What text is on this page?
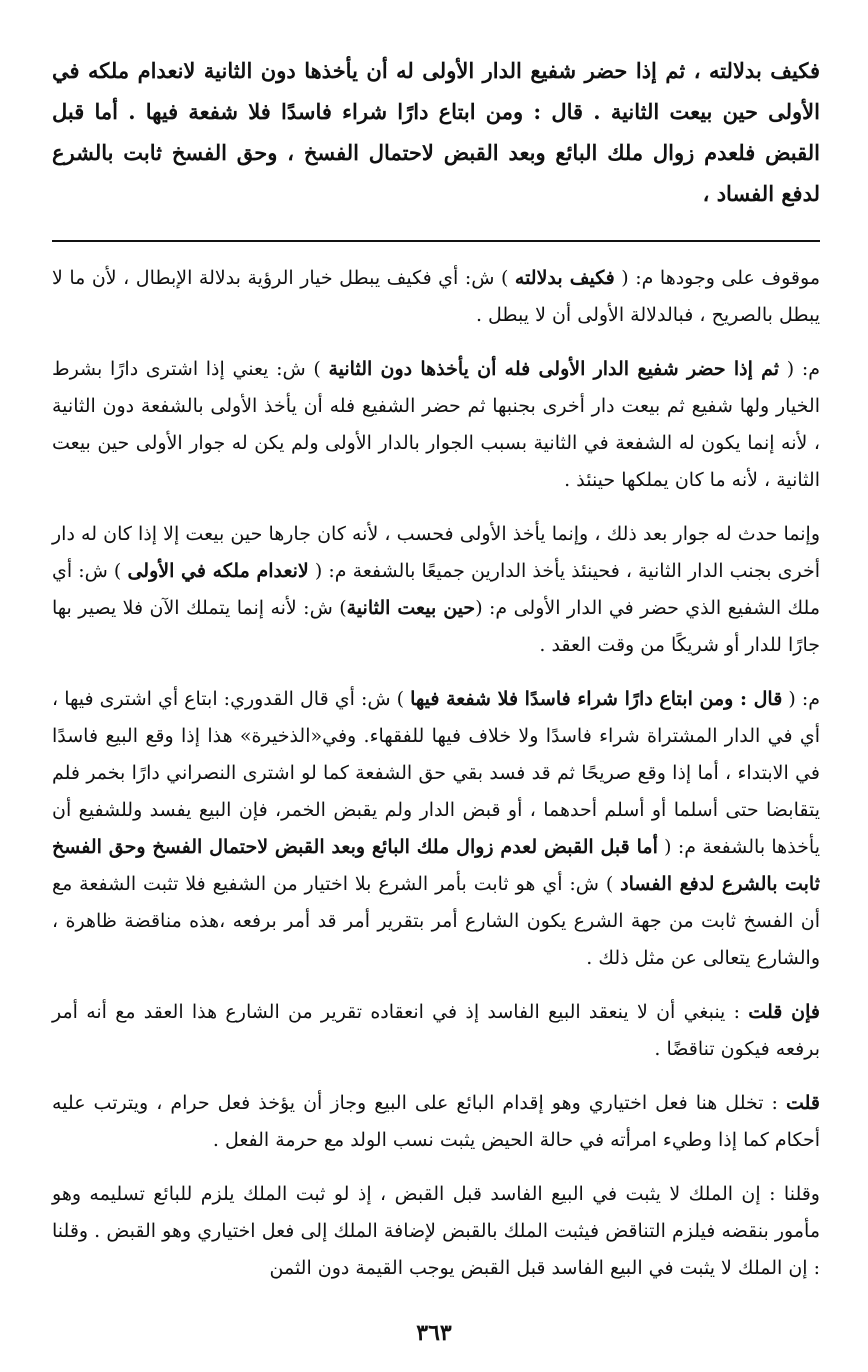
فكيف بدلالته ، ثم إذا حضر شفيع الدار الأولى له أن يأخذها دون الثانية لانعدام ملكه في الأولى حين بيعت الثانية . قال : ومن ابتاع دارًا شراء فاسدًا فلا شفعة فيها . أما قبل القبض فلعدم زوال ملك البائع وبعد القبض لاحتمال الفسخ ، وحق الفسخ ثابت بالشرع لدفع الفساد ،

موقوف على وجودها م: ( فكيف بدلالته ) ش: أي فكيف يبطل خيار الرؤية بدلالة الإبطال ، لأن ما لا يبطل بالصريح ، فبالدلالة الأولى أن لا يبطل .

م: ( ثم إذا حضر شفيع الدار الأولى فله أن يأخذها دون الثانية ) ش: يعني إذا اشترى دارًا بشرط الخيار ولها شفيع ثم بيعت دار أخرى بجنبها ثم حضر الشفيع فله أن يأخذ الأولى بالشفعة دون الثانية ، لأنه إنما يكون له الشفعة في الثانية بسبب الجوار بالدار الأولى ولم يكن له جوار الأولى حين بيعت الثانية ، لأنه ما كان يملكها حينئذ .

وإنما حدث له جوار بعد ذلك ، وإنما يأخذ الأولى فحسب ، لأنه كان جارها حين بيعت إلا إذا كان له دار أخرى بجنب الدار الثانية ، فحينئذ يأخذ الدارين جميعًا بالشفعة م: ( لانعدام ملكه في الأولى ) ش: أي ملك الشفيع الذي حضر في الدار الأولى م: (حين بيعت الثانية) ش: لأنه إنما يتملك الآن فلا يصير بها جارًا للدار أو شريكًا من وقت العقد .

م: ( قال : ومن ابتاع دارًا شراء فاسدًا فلا شفعة فيها ) ش: أي قال القدوري: ابتاع أي اشترى فيها ، أي في الدار المشتراة شراء فاسدًا ولا خلاف فيها للفقهاء. وفي«الذخيرة» هذا إذا وقع البيع فاسدًا في الابتداء ، أما إذا وقع صريحًا ثم قد فسد بقي حق الشفعة كما لو اشترى النصراني دارًا بخمر فلم يتقابضا حتى أسلما أو أسلم أحدهما ، أو قبض الدار ولم يقبض الخمر، فإن البيع يفسد وللشفيع أن يأخذها بالشفعة م: ( أما قبل القبض لعدم زوال ملك البائع وبعد القبض لاحتمال الفسخ وحق الفسخ ثابت بالشرع لدفع الفساد ) ش: أي هو ثابت بأمر الشرع بلا اختيار من الشفيع فلا تثبت الشفعة مع أن الفسخ ثابت من جهة الشرع يكون الشارع أمر بتقرير أمر قد أمر برفعه ،هذه مناقضة ظاهرة ، والشارع يتعالى عن مثل ذلك .

فإن قلت : ينبغي أن لا ينعقد البيع الفاسد إذ في انعقاده تقرير من الشارع هذا العقد مع أنه أمر برفعه فيكون تناقضًا .

قلت : تخلل هنا فعل اختياري وهو إقدام البائع على البيع وجاز أن يؤخذ فعل حرام ، ويترتب عليه أحكام كما إذا وطيء امرأته في حالة الحيض يثبت نسب الولد مع حرمة الفعل .

وقلنا : إن الملك لا يثبت في البيع الفاسد قبل القبض ، إذ لو ثبت الملك يلزم للبائع تسليمه وهو مأمور بنقضه فيلزم التناقض فيثبت الملك بالقبض لإضافة الملك إلى فعل اختياري وهو القبض . وقلنا : إن الملك لا يثبت في البيع الفاسد قبل القبض يوجب القيمة دون الثمن

٣٦٣
